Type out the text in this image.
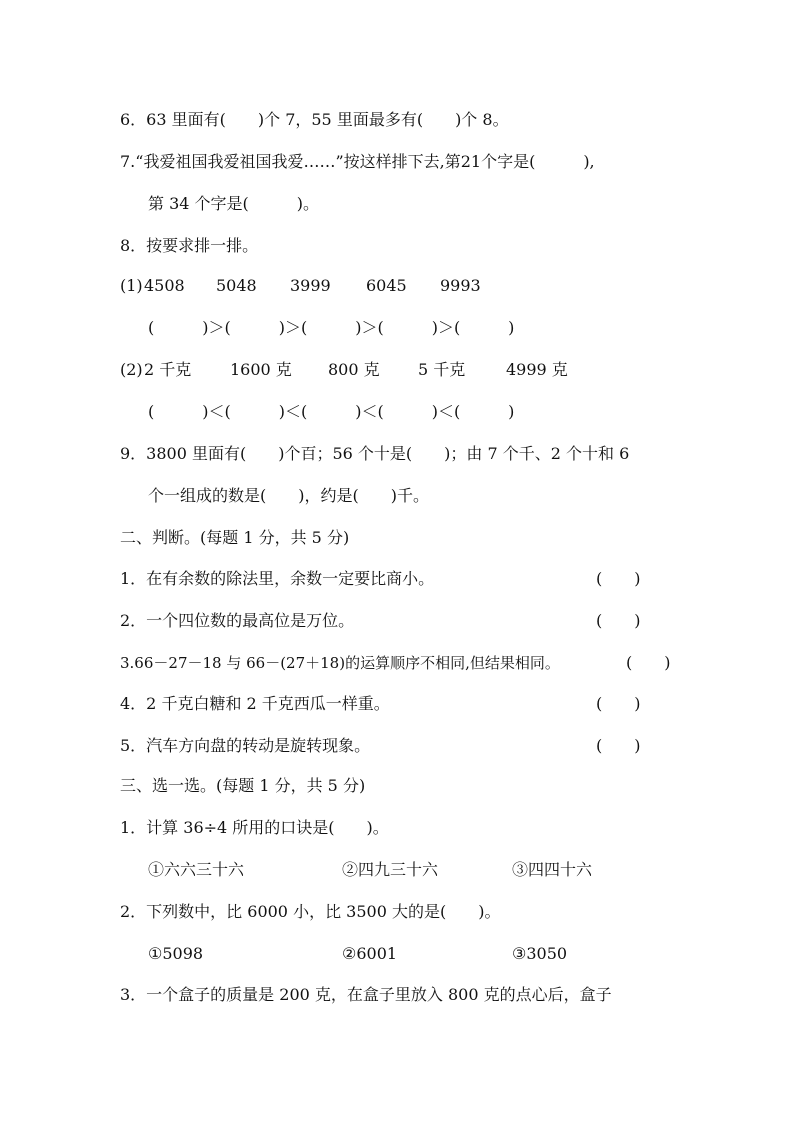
6．63 里面有(　　)个 7，55 里面最多有(　　)个 8。
7.“我爱祖国我爱祖国我爱……”按这样排下去,第21个字是(　　　),
第 34 个字是(　　　)。
8．按要求排一排。
(1) 4508 5048 3999 6045 9993
(　　　)＞(　　　)＞(　　　)＞(　　　)＞(　　　)
(2) 2 千克 1600 克 800 克 5 千克	4999 克
(　　　)＜(　　　)＜(　　　)＜(　　　)＜(　　　)
9．3800 里面有(　　)个百；56 个十是(　　)；由 7 个千、2 个十和 6
个一组成的数是(　　)，约是(　　)千。
二、判断。(每题 1 分，共 5 分)
1．在有余数的除法里，余数一定要比商小。	(　　)
2．一个四位数的最高位是万位。	(　　)
3.66－27－18 与 66－(27＋18)的运算顺序不相同,但结果相同。	(　　)
4．2 千克白糖和 2 千克西瓜一样重。	(　　)
5．汽车方向盘的转动是旋转现象。	(　　)
三、选一选。(每题 1 分，共 5 分)
1．计算 36÷4 所用的口诀是(　　)。
①六六三十六	②四九三十六	③四四十六
2．下列数中，比 6000 小，比 3500 大的是(　　)。
①5098	②6001	③3050
3．一个盒子的质量是 200 克，在盒子里放入 800 克的点心后，盒子
